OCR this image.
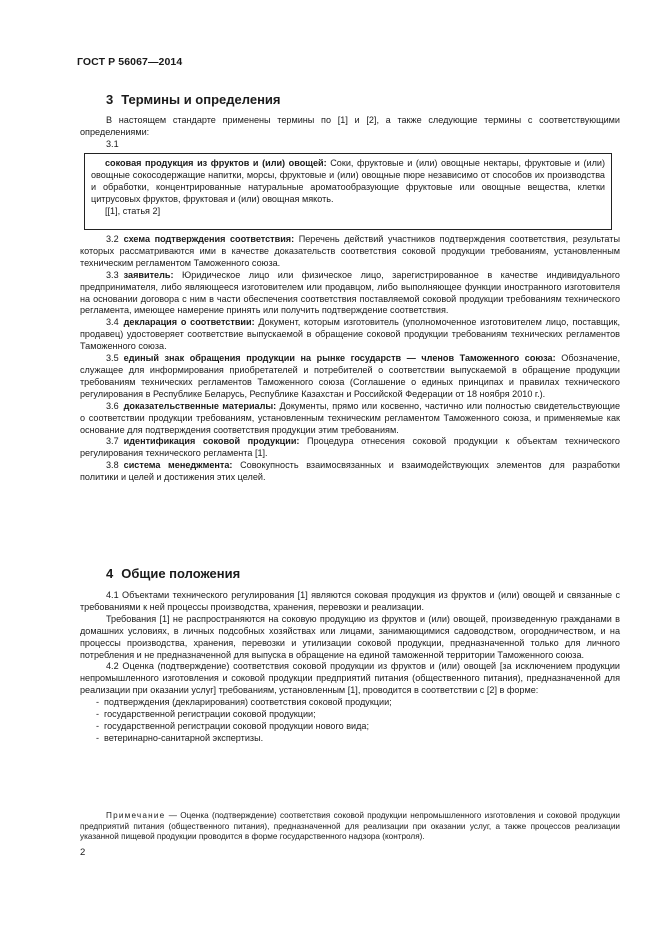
ГОСТ Р 56067—2014
3 Термины и определения

В настоящем стандарте применены термины по [1] и [2], а также следующие термины с соответствующими определениями:

3.1

соковая продукция из фруктов и (или) овощей: Соки, фруктовые и (или) овощные нектары, фруктовые и (или) овощные сокосодержащие напитки, морсы, фруктовые и (или) овощные пюре независимо от способов их производства и обработки, концентрированные натуральные ароматообразующие фруктовые или овощные вещества, клетки цитрусовых фруктов, фруктовая и (или) овощная мякоть.

[[1], статья 2]

3.2 схема подтверждения соответствия: Перечень действий участников подтверждения соответствия, результаты которых рассматриваются ими в качестве доказательств соответствия соковой продукции требованиям, установленным техническим регламентом Таможенного союза.

3.3 заявитель: Юридическое лицо или физическое лицо, зарегистрированное в качестве индивидуального предпринимателя, либо являющееся изготовителем или продавцом, либо выполняющее функции иностранного изготовителя на основании договора с ним в части обеспечения соответствия поставляемой соковой продукции требованиям технического регламента, имеющее намерение принять или получить подтверждение соответствия.

3.4 декларация о соответствии: Документ, которым изготовитель (уполномоченное изготовителем лицо, поставщик, продавец) удостоверяет соответствие выпускаемой в обращение соковой продукции требованиям технических регламентов Таможенного союза.

3.5 единый знак обращения продукции на рынке государств — членов Таможенного союза: Обозначение, служащее для информирования приобретателей и потребителей о соответствии выпускаемой в обращение продукции требованиям технических регламентов Таможенного союза (Соглашение о единых принципах и правилах технического регулирования в Республике Беларусь, Республике Казахстан и Российской Федерации от 18 ноября 2010 г.).

3.6 доказательственные материалы: Документы, прямо или косвенно, частично или полностью свидетельствующие о соответствии продукции требованиям, установленным техническим регламентом Таможенного союза, и применяемые как основание для подтверждения соответствия продукции этим требованиям.

3.7 идентификация соковой продукции: Процедура отнесения соковой продукции к объектам технического регулирования технического регламента [1].

3.8 система менеджмента: Совокупность взаимосвязанных и взаимодействующих элементов для разработки политики и целей и достижения этих целей.

4 Общие положения

4.1 Объектами технического регулирования [1] являются соковая продукция из фруктов и (или) овощей и связанные с требованиями к ней процессы производства, хранения, перевозки и реализации.

Требования [1] не распространяются на соковую продукцию из фруктов и (или) овощей, произведенную гражданами в домашних условиях, в личных подсобных хозяйствах или лицами, занимающимися садоводством, огородничеством, и на процессы производства, хранения, перевозки и утилизации соковой продукции, предназначенной только для личного потребления и не предназначенной для выпуска в обращение на единой таможенной территории Таможенного союза.

4.2 Оценка (подтверждение) соответствия соковой продукции из фруктов и (или) овощей [за исключением продукции непромышленного изготовления и соковой продукции предприятий питания (общественного питания), предназначенной для реализации при оказании услуг] требованиям, установленным [1], проводится в соответствии с [2] в форме:

- подтверждения (декларирования) соответствия соковой продукции;
- государственной регистрации соковой продукции;
- государственной регистрации соковой продукции нового вида;
- ветеринарно-санитарной экспертизы.

Примечание — Оценка (подтверждение) соответствия соковой продукции непромышленного изготовления и соковой продукции предприятий питания (общественного питания), предназначенной для реализации при оказании услуг, а также процессов реализации указанной пищевой продукции проводится в форме государственного надзора (контроля).

2
